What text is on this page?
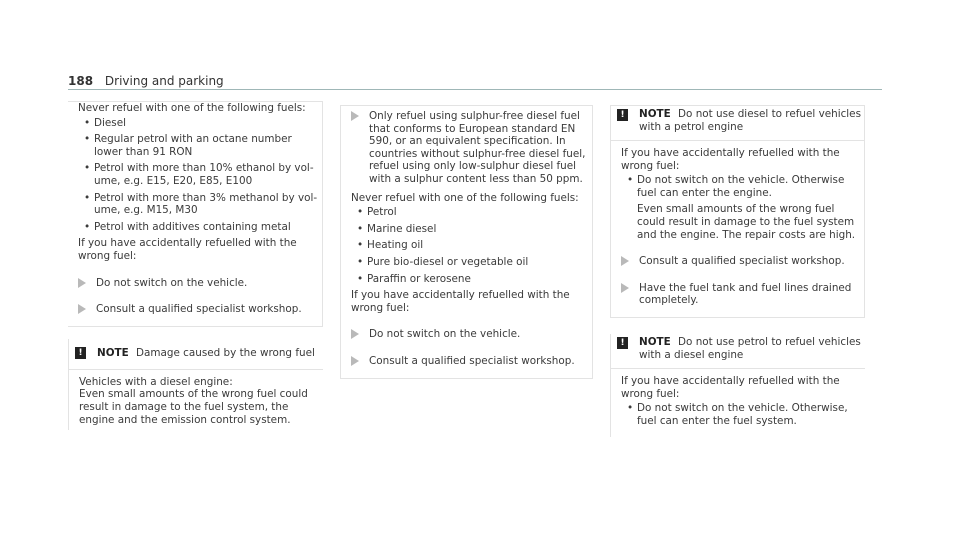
188 Driving and parking

Never refuel with one of the following fuels:

• Diesel
• Regular petrol with an octane number lower than 91 RON
• Petrol with more than 10% ethanol by volume, e.g. E15, E20, E85, E100
• Petrol with more than 3% methanol by volume, e.g. M15, M30
• Petrol with additives containing metal

If you have accidentally refuelled with the wrong fuel:

Do not switch on the vehicle.
Consult a qualified specialist workshop.
!	NOTE Damage caused by the wrong fuel

Vehicles with a diesel engine:

Even small amounts of the wrong fuel could result in damage to the fuel system, the engine and the emission control system.

Only refuel using sulphur-free diesel fuel that conforms to European standard EN 590, or an equivalent specification. In countries without sulphur-free diesel fuel, refuel using only low-sulphur diesel fuel with a sulphur content less than 50 ppm.

Never refuel with one of the following fuels:

• Petrol
• Marine diesel
• Heating oil
• Pure bio-diesel or vegetable oil
• Paraffin or kerosene

If you have accidentally refuelled with the wrong fuel:

Do not switch on the vehicle.
Consult a qualified specialist workshop.
!	NOTE Do not use diesel to refuel vehicles with a petrol engine

If you have accidentally refuelled with the wrong fuel:

• Do not switch on the vehicle. Otherwise fuel can enter the engine.

Even small amounts of the wrong fuel could result in damage to the fuel system and the engine. The repair costs are high.

Consult a qualified specialist workshop.
Have the fuel tank and fuel lines drained completely.
!	NOTE Do not use petrol to refuel vehicles with a diesel engine

If you have accidentally refuelled with the wrong fuel:

• Do not switch on the vehicle. Otherwise, fuel can enter the fuel system.
